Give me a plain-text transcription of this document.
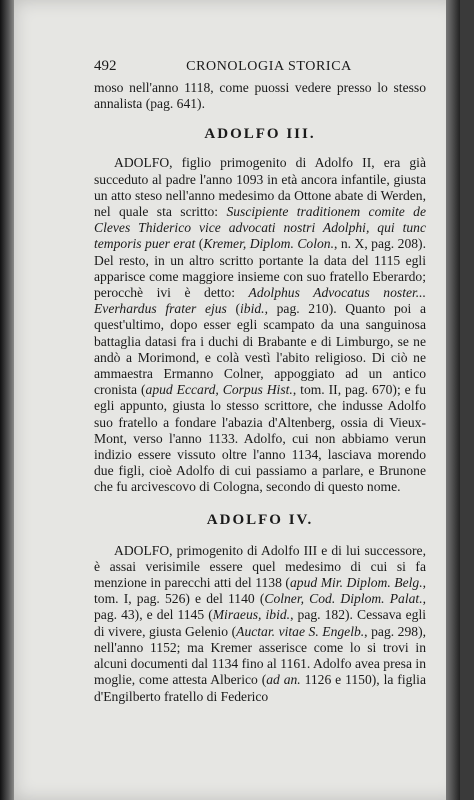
492	CRONOLOGIA STORICA

moso nell'anno 1118, come puossi vedere presso lo stesso annalista (pag. 641).

ADOLFO III.

ADOLFO, figlio primogenito di Adolfo II, era già succeduto al padre l'anno 1093 in età ancora infantile, giusta un atto steso nell'anno medesimo da Ottone abate di Werden, nel quale sta scritto: Suscipiente traditionem comite de Cleves Thiderico vice advocati nostri Adolphi, qui tunc temporis puer erat (Kremer, Diplom. Colon., n. X, pag. 208). Del resto, in un altro scritto portante la data del 1115 egli apparisce come maggiore insieme con suo fratello Eberardo; perocchè ivi è detto: Adolphus Advocatus noster... Everhardus frater ejus (ibid., pag. 210). Quanto poi a quest'ultimo, dopo esser egli scampato da una sanguinosa battaglia datasi fra i duchi di Brabante e di Limburgo, se ne andò a Morimond, e colà vestì l'abito religioso. Di ciò ne ammaestra Ermanno Colner, appoggiato ad un antico cronista (apud Eccard, Corpus Hist., tom. II, pag. 670); e fu egli appunto, giusta lo stesso scrittore, che indusse Adolfo suo fratello a fondare l'abazia d'Altenberg, ossia di Vieux-Mont, verso l'anno 1133. Adolfo, cui non abbiamo verun indizio essere vissuto oltre l'anno 1134, lasciava morendo due figli, cioè Adolfo di cui passiamo a parlare, e Brunone che fu arcivescovo di Cologna, secondo di questo nome.

ADOLFO IV.

ADOLFO, primogenito di Adolfo III e di lui successore, è assai verisimile essere quel medesimo di cui si fa menzione in parecchi atti del 1138 (apud Mir. Diplom. Belg., tom. I, pag. 526) e del 1140 (Colner, Cod. Diplom. Palat., pag. 43), e del 1145 (Miraeus, ibid., pag. 182). Cessava egli di vivere, giusta Gelenio (Auctar. vitae S. Engelb., pag. 298), nell'anno 1152; ma Kremer asserisce come lo si trovi in alcuni documenti dal 1134 fino al 1161. Adolfo avea presa in moglie, come attesta Alberico (ad an. 1126 e 1150), la figlia d'Engilberto fratello di Federico
